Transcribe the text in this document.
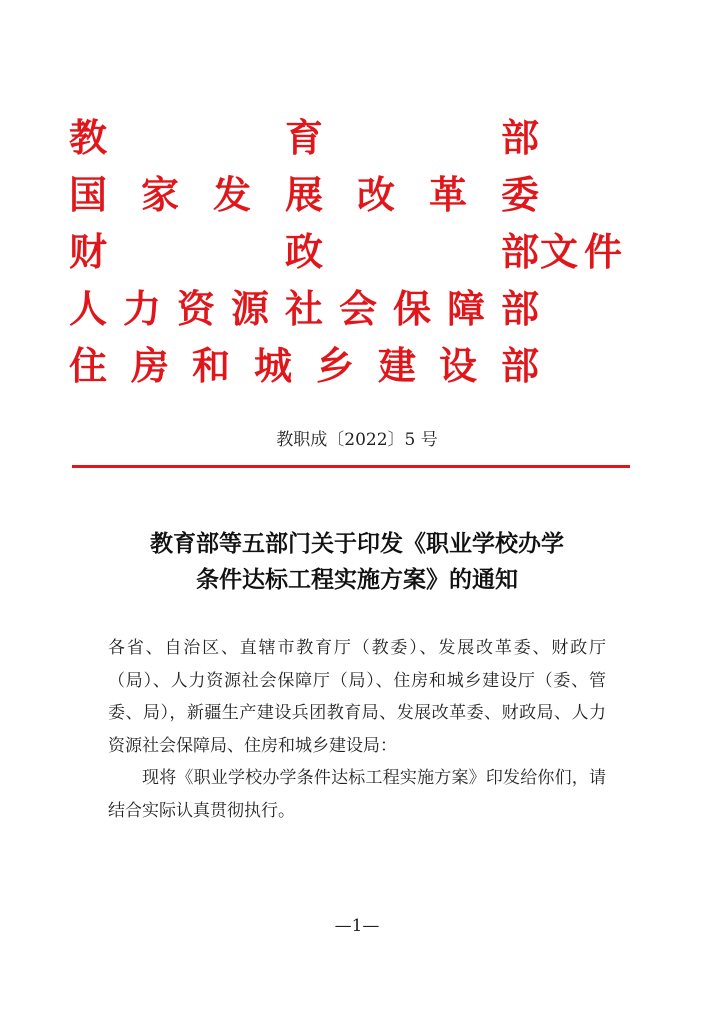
教	育	部
国 家 发 展 改 革 委
财	政	部
人 力 资 源 社 会 保 障 部
住 房 和 城 乡 建 设 部
文件
教职成〔2022〕5 号
教育部等五部门关于印发《职业学校办学
条件达标工程实施方案》的通知

各省、自治区、直辖市教育厅（教委）、发展改革委、财政厅（局）、人力资源社会保障厅（局）、住房和城乡建设厅（委、管委、局），新疆生产建设兵团教育局、发展改革委、财政局、人力资源社会保障局、住房和城乡建设局：

现将《职业学校办学条件达标工程实施方案》印发给你们，请结合实际认真贯彻执行。

—1—
